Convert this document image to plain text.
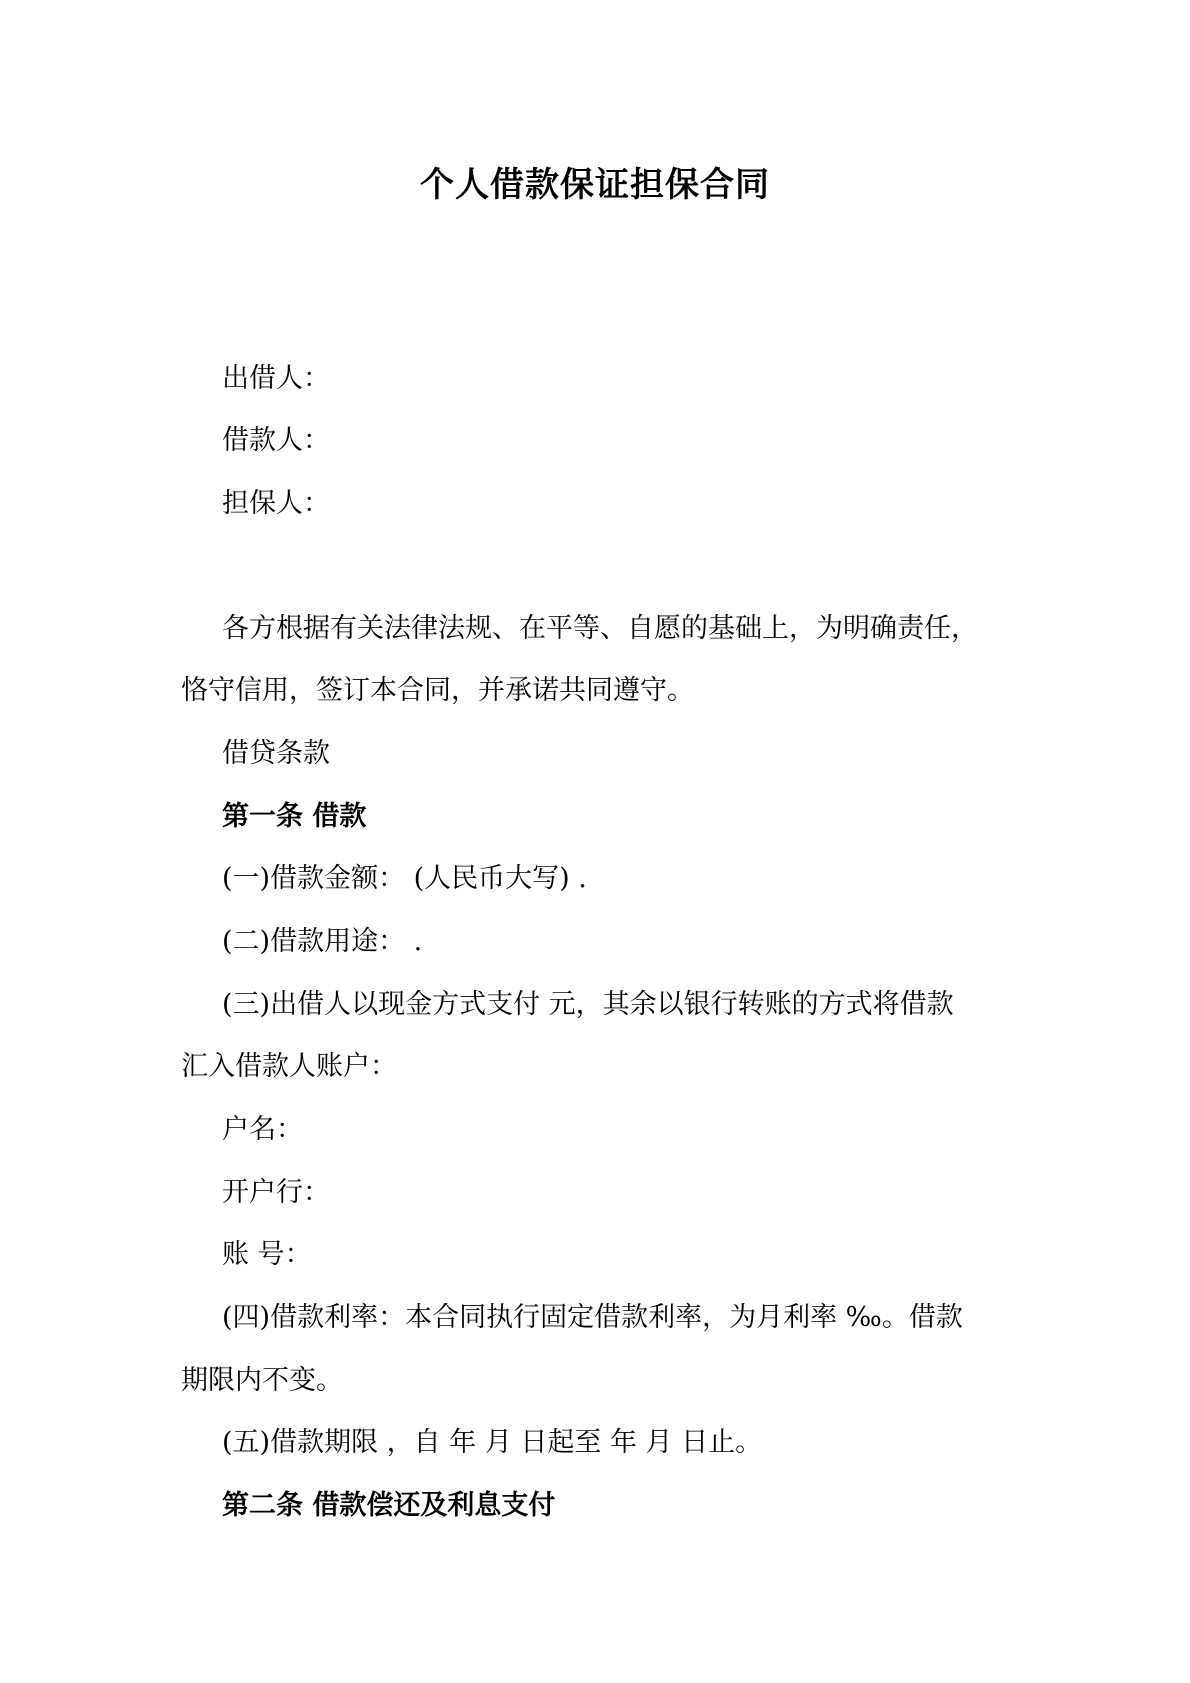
个人借款保证担保合同
出借人：
借款人：
担保人：
各方根据有关法律法规、在平等、自愿的基础上，为明确责任，
恪守信用，签订本合同，并承诺共同遵守。
借贷条款
第一条 借款
(一)借款金额： (人民币大写) .
(二)借款用途： .
(三)出借人以现金方式支付 元，其余以银行转账的方式将借款
汇入借款人账户：
户名：
开户行：
账 号：
(四)借款利率：本合同执行固定借款利率，为月利率 ‰。借款
期限内不变。
(五)借款期限 ，自 年 月 日起至 年 月 日止。
第二条 借款偿还及利息支付
